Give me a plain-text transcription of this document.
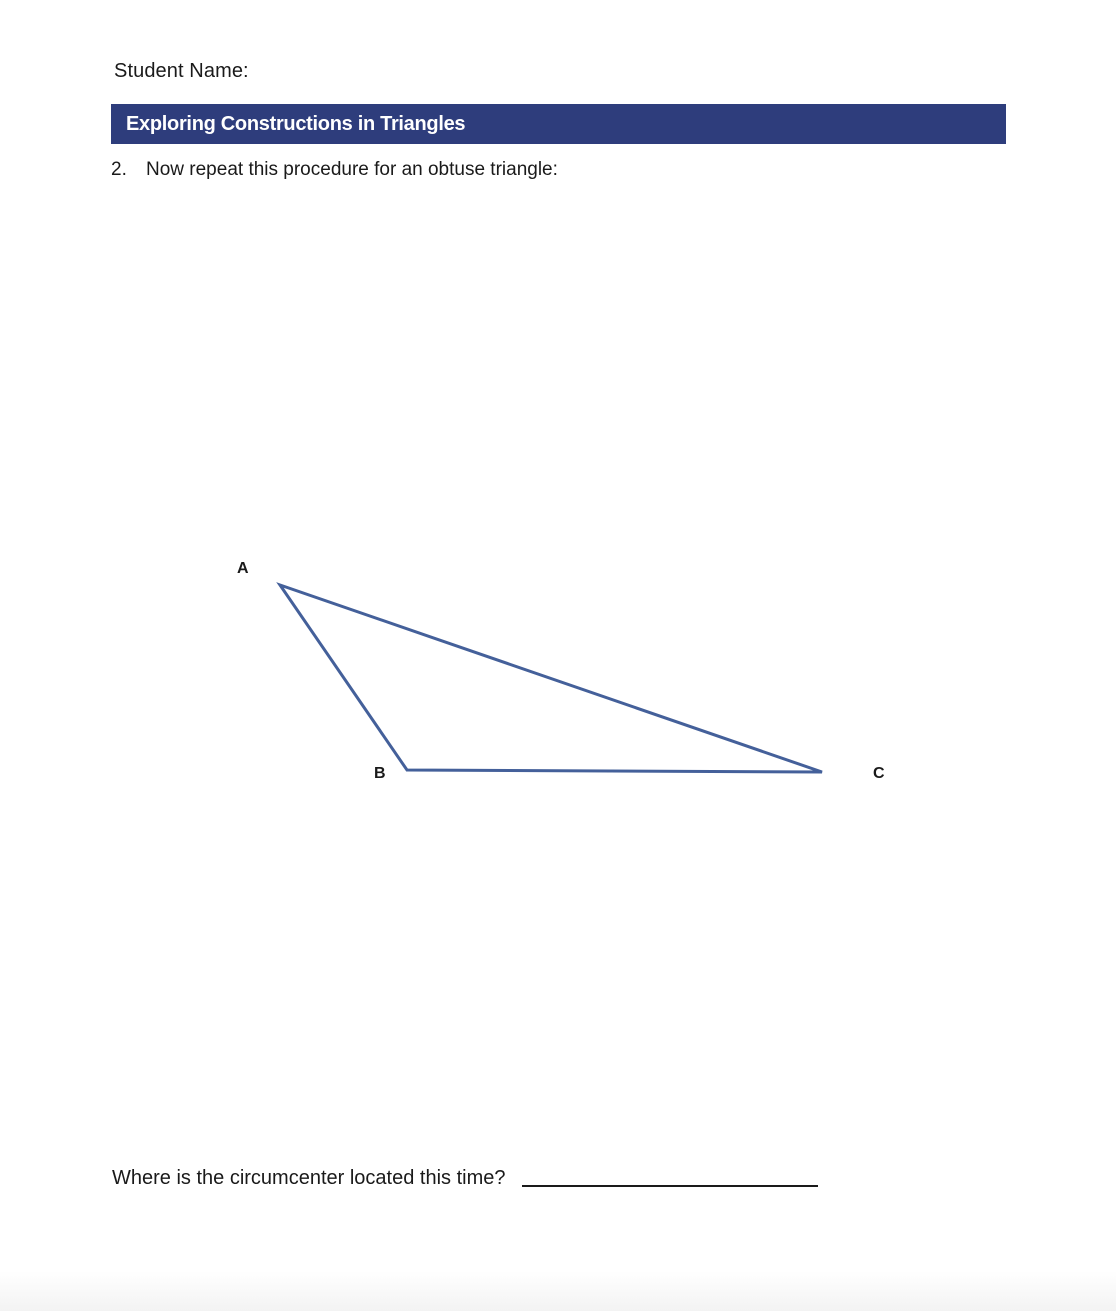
Student Name:
Exploring Constructions in Triangles
2.	Now repeat this procedure for an obtuse triangle:
A
B	C
Where is the circumcenter located this time?
